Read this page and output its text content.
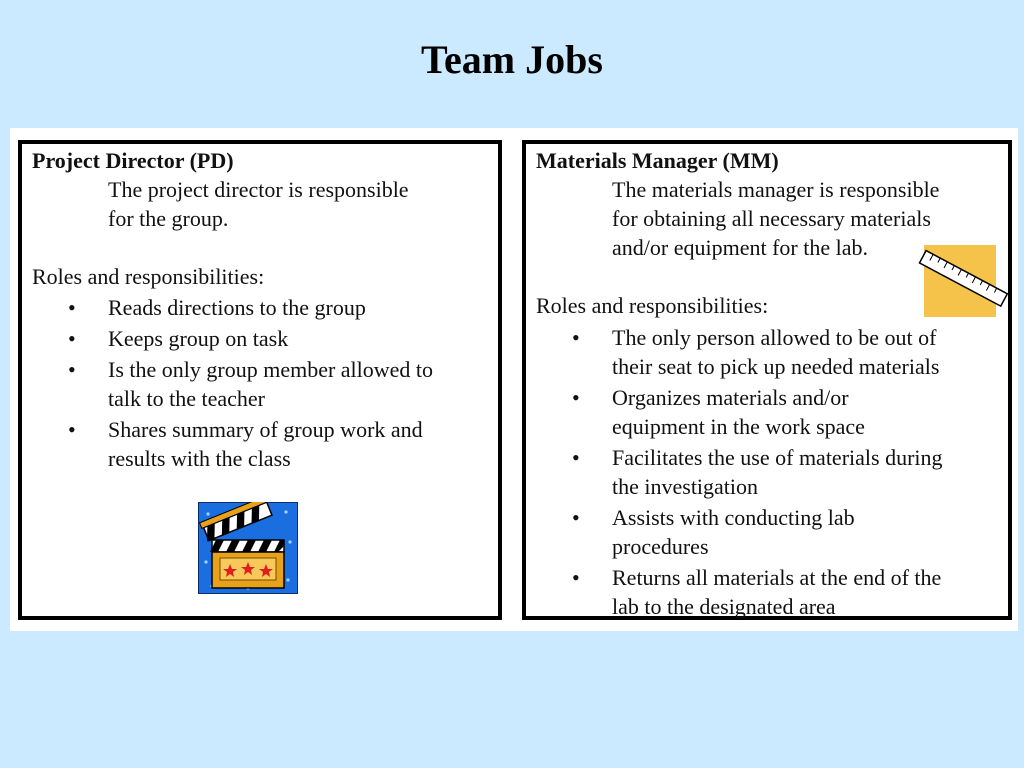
Team Jobs
Project Director (PD)
The project director is responsible
for the group.
Roles and responsibilities:
• Reads directions to the group
• Keeps group on task
• Is the only group member allowed to
talk to the teacher
• Shares summary of group work and
results with the class
Materials Manager (MM)
The materials manager is responsible
for obtaining all necessary materials
and/or equipment for the lab.
Roles and responsibilities:
• The only person allowed to be out of
their seat to pick up needed materials
• Organizes materials and/or
equipment in the work space
• Facilitates the use of materials during
the investigation
• Assists with conducting lab
procedures
• Returns all materials at the end of the
lab to the designated area
